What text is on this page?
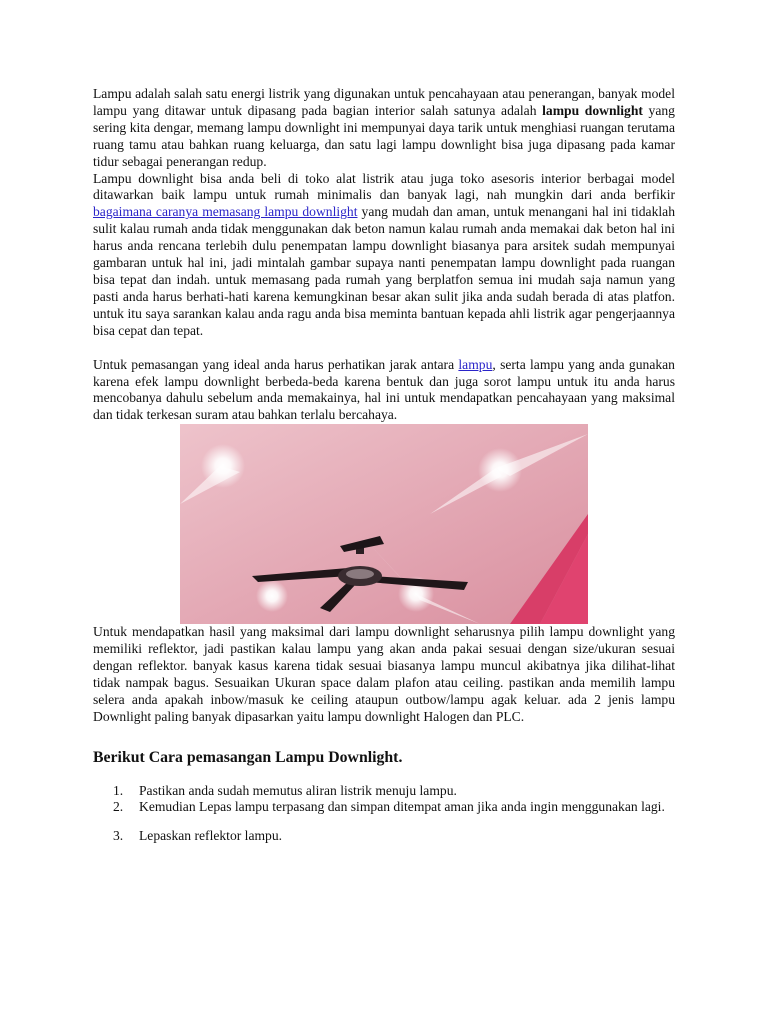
Lampu adalah salah satu energi listrik yang digunakan untuk pencahayaan atau penerangan, banyak model lampu yang ditawar untuk dipasang pada bagian interior salah satunya adalah lampu downlight yang sering kita dengar, memang lampu downlight ini mempunyai daya tarik untuk menghiasi ruangan terutama ruang tamu atau bahkan ruang keluarga, dan satu lagi lampu downlight bisa juga dipasang pada kamar tidur sebagai penerangan redup.

Lampu downlight bisa anda beli di toko alat listrik atau juga toko asesoris interior berbagai model ditawarkan baik lampu untuk rumah minimalis dan banyak lagi, nah mungkin dari anda berfikir bagaimana caranya memasang lampu downlight yang mudah dan aman, untuk menangani hal ini tidaklah sulit kalau rumah anda tidak menggunakan dak beton namun kalau rumah anda memakai dak beton hal ini harus anda rencana terlebih dulu penempatan lampu downlight biasanya para arsitek sudah mempunyai gambaran untuk hal ini, jadi mintalah gambar supaya nanti penempatan lampu downlight pada ruangan bisa tepat dan indah. untuk memasang pada rumah yang berplatfon semua ini mudah saja namun yang pasti anda harus berhati-hati karena kemungkinan besar akan sulit jika anda sudah berada di atas platfon. untuk itu saya sarankan kalau anda ragu anda bisa meminta bantuan kepada ahli listrik agar pengerjaannya bisa cepat dan tepat.

Untuk pemasangan yang ideal anda harus perhatikan jarak antara lampu, serta lampu yang anda gunakan karena efek lampu downlight berbeda-beda karena bentuk dan juga sorot lampu untuk itu anda harus mencobanya dahulu sebelum anda memakainya, hal ini untuk mendapatkan pencahayaan yang maksimal dan tidak terkesan suram atau bahkan terlalu bercahaya.

Untuk mendapatkan hasil yang maksimal dari lampu downlight seharusnya pilih lampu downlight yang memiliki reflektor, jadi pastikan kalau lampu yang akan anda pakai sesuai dengan size/ukuran sesuai dengan reflektor. banyak kasus karena tidak sesuai biasanya lampu muncul akibatnya jika dilihat-lihat tidak nampak bagus. Sesuaikan Ukuran space dalam plafon atau ceiling. pastikan anda memilih lampu selera anda apakah inbow/masuk ke ceiling ataupun outbow/lampu agak keluar. ada 2 jenis lampu Downlight paling banyak dipasarkan yaitu lampu downlight Halogen dan PLC.

Berikut Cara pemasangan Lampu Downlight.
1.	Pastikan anda sudah memutus aliran listrik menuju lampu.
2.	Kemudian Lepas lampu terpasang dan simpan ditempat aman jika anda ingin menggunakan lagi.
3.	Lepaskan reflektor lampu.
